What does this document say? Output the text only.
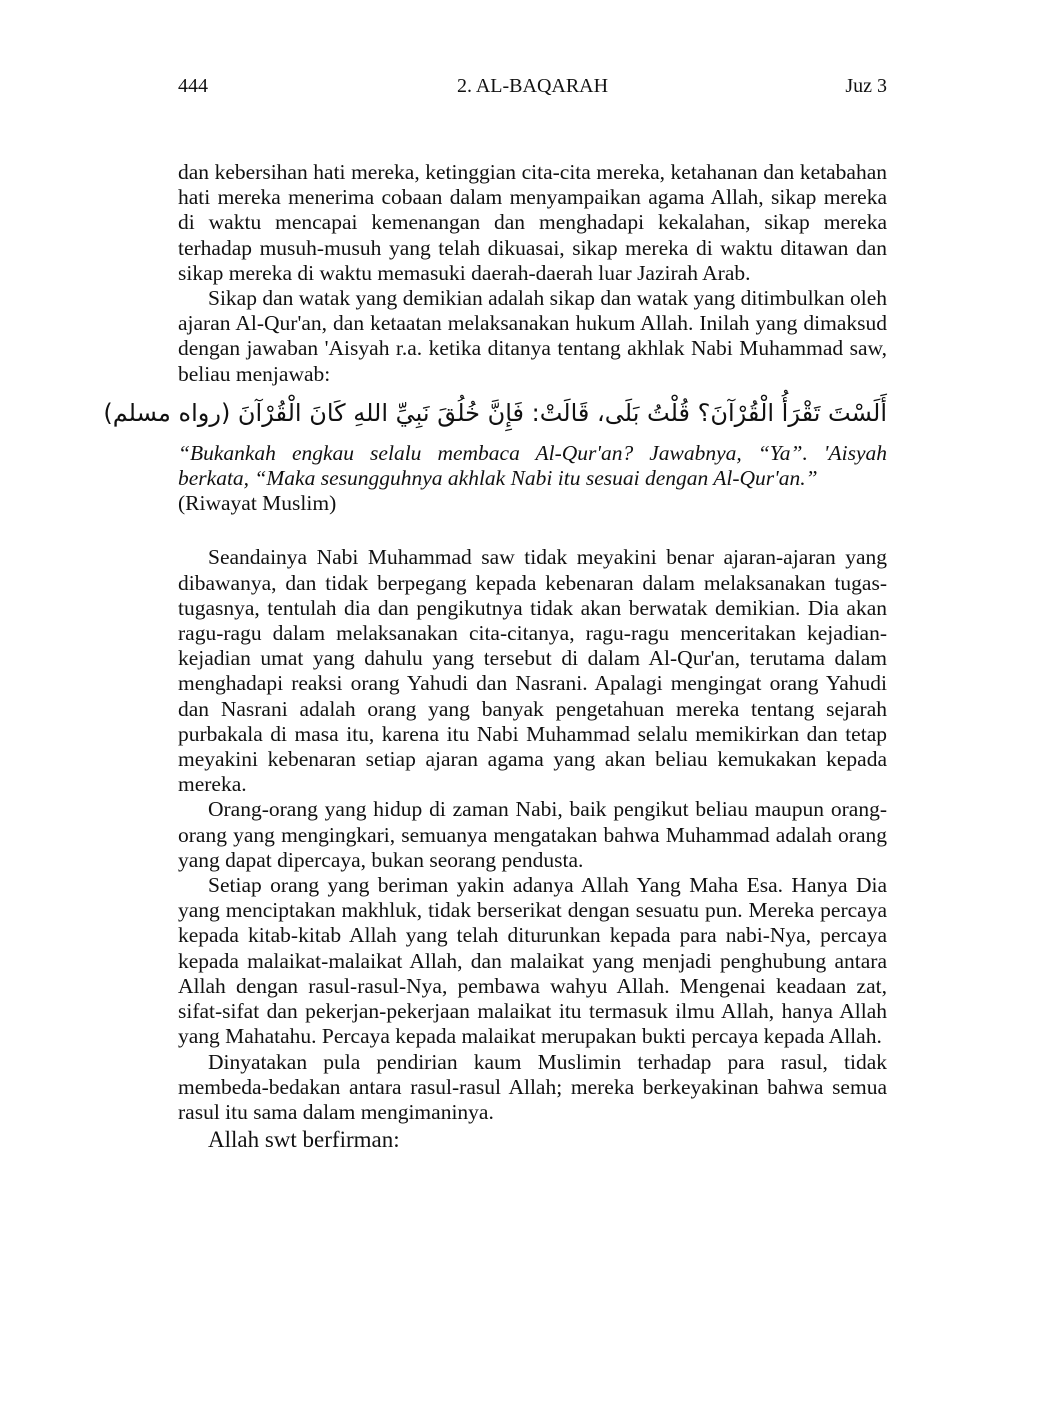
444	2. AL-BAQARAH	Juz 3

dan kebersihan hati mereka, ketinggian cita-cita mereka, ketahanan dan ketabahan hati mereka menerima cobaan dalam menyampaikan agama Allah, sikap mereka di waktu mencapai kemenangan dan menghadapi kekalahan, sikap mereka terhadap musuh-musuh yang telah dikuasai, sikap mereka di waktu ditawan dan sikap mereka di waktu memasuki daerah-daerah luar Jazirah Arab.

Sikap dan watak yang demikian adalah sikap dan watak yang ditimbulkan oleh ajaran Al-Qur'an, dan ketaatan melaksanakan hukum Allah. Inilah yang dimaksud dengan jawaban 'Aisyah r.a. ketika ditanya tentang akhlak Nabi Muhammad saw, beliau menjawab:

أَلَسْتَ تَقْرَأُ الْقُرْآنَ؟ قُلْتُ بَلَى، قَالَتْ: فَإِنَّ خُلُقَ نَبِيِّ اللهِ كَانَ الْقُرْآنَ (رواه مسلم)

“Bukankah engkau selalu membaca Al-Qur'an? Jawabnya, “Ya”. 'Aisyah berkata, “Maka sesungguhnya akhlak Nabi itu sesuai dengan Al-Qur'an.”

(Riwayat Muslim)

Seandainya Nabi Muhammad saw tidak meyakini benar ajaran-ajaran yang dibawanya, dan tidak berpegang kepada kebenaran dalam melaksanakan tugas-tugasnya, tentulah dia dan pengikutnya tidak akan berwatak demikian. Dia akan ragu-ragu dalam melaksanakan cita-citanya, ragu-ragu menceritakan kejadian-kejadian umat yang dahulu yang tersebut di dalam Al-Qur'an, terutama dalam menghadapi reaksi orang Yahudi dan Nasrani. Apalagi mengingat orang Yahudi dan Nasrani adalah orang yang banyak pengetahuan mereka tentang sejarah purbakala di masa itu, karena itu Nabi Muhammad selalu memikirkan dan tetap meyakini kebenaran setiap ajaran agama yang akan beliau kemukakan kepada mereka.

Orang-orang yang hidup di zaman Nabi, baik pengikut beliau maupun orang-orang yang mengingkari, semuanya mengatakan bahwa Muhammad adalah orang yang dapat dipercaya, bukan seorang pendusta.

Setiap orang yang beriman yakin adanya Allah Yang Maha Esa. Hanya Dia yang menciptakan makhluk, tidak berserikat dengan sesuatu pun. Mereka percaya kepada kitab-kitab Allah yang telah diturunkan kepada para nabi-Nya, percaya kepada malaikat-malaikat Allah, dan malaikat yang menjadi penghubung antara Allah dengan rasul-rasul-Nya, pembawa wahyu Allah. Mengenai keadaan zat, sifat-sifat dan pekerjan-pekerjaan malaikat itu termasuk ilmu Allah, hanya Allah yang Mahatahu. Percaya kepada malaikat merupakan bukti percaya kepada Allah.

Dinyatakan pula pendirian kaum Muslimin terhadap para rasul, tidak membeda-bedakan antara rasul-rasul Allah; mereka berkeyakinan bahwa semua rasul itu sama dalam mengimaninya.

Allah swt berfirman:
